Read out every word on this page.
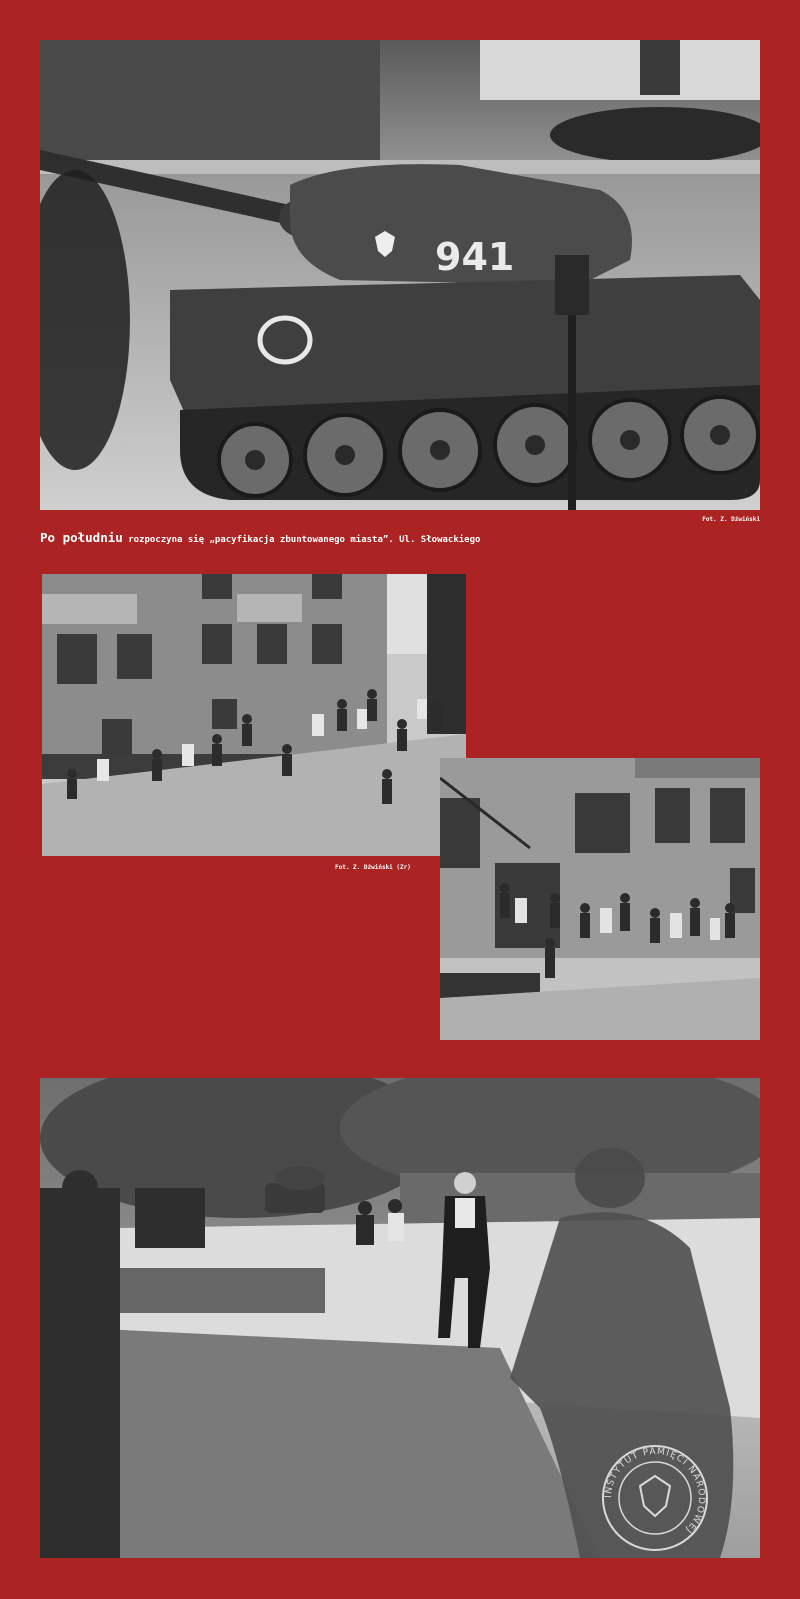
941
Fot. Z. Dźwiński
Po południu rozpoczyna się „pacyfikacja zbuntowanego miasta”. Ul. Słowackiego
Fot. Z. Dźwiński (Zr)
INSTYTUT PAMIĘCI NARODOWEJ
